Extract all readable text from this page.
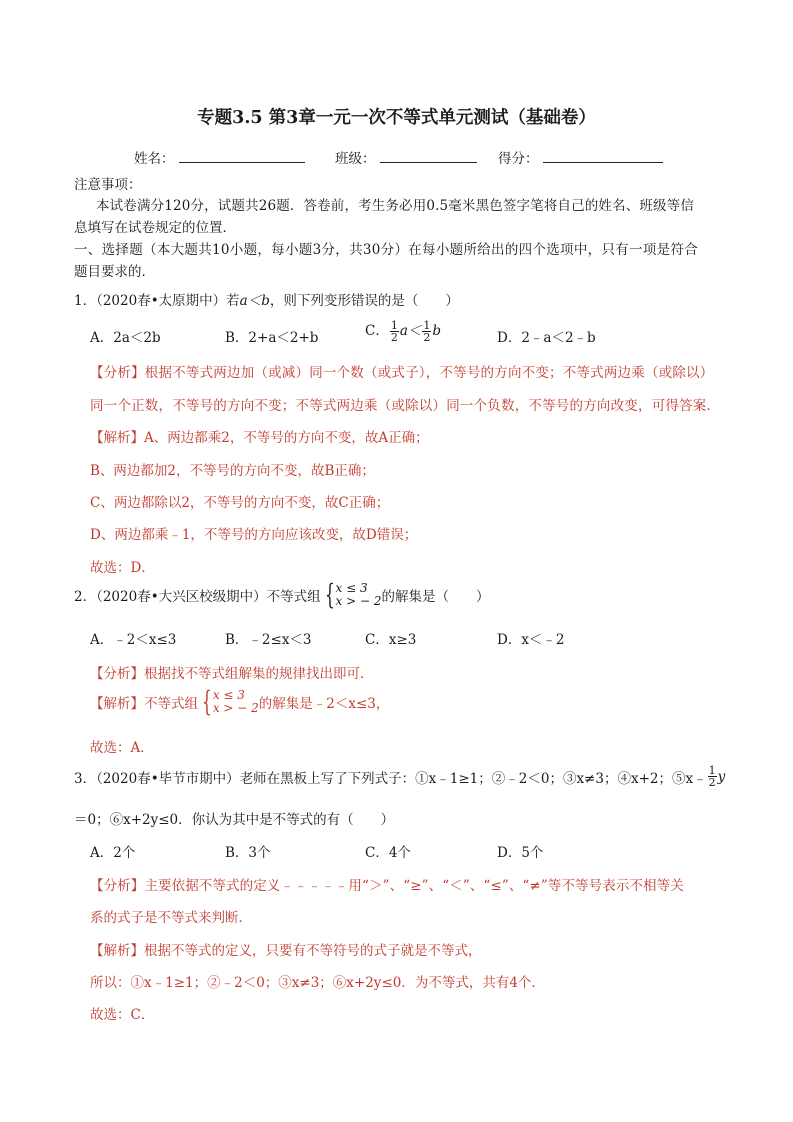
专题3.5 第3章一元一次不等式单元测试（基础卷）
姓名：	班级：	得分：
注意事项：
本试卷满分120分，试题共26题．答卷前，考生务必用0.5毫米黑色签字笔将自己的姓名、班级等信
息填写在试卷规定的位置．
一、选择题（本大题共10小题，每小题3分，共30分）在每小题所给出的四个选项中，只有一项是符合
题目要求的．
1．（2020春•太原期中）若a＜b，则下列变形错误的是（　　）
A．2a＜2b	B．2+a＜2+b	C． $\frac{1}{2} a< \frac{1}{2}$ b	D．2﹣a＜2﹣b
【分析】根据不等式两边加（或减）同一个数（或式子），不等号的方向不变；不等式两边乘（或除以）
同一个正数，不等号的方向不变；不等式两边乘（或除以）同一个负数，不等号的方向改变，可得答案．
【解析】A、两边都乘2，不等号的方向不变，故A正确；
B、两边都加2，不等号的方向不变，故B正确；
C、两边都除以2，不等号的方向不变，故C正确；
D、两边都乘﹣1，不等号的方向应该改变，故D错误；
故选：D．
2．（2020春•大兴区校级期中）不等式组 { x ≤ 3
x > − 2 的解集是（　　）
A．﹣2＜x≤3	B．﹣2≤x＜3	C．x≥3	D．x＜﹣2
【分析】根据找不等式组解集的规律找出即可．
【解析】不等式组 { x ≤ 3
x > − 2 的解集是﹣2＜x≤3，
故选：A．
3．（2020春•毕节市期中）老师在黑板上写了下列式子：①x﹣1≥1；②﹣2＜0；③x≠3；④x+2；⑤x﹣ $\frac{1}{2}$ y
＝0；⑥x+2y≤0．你认为其中是不等式的有（　　）
A．2个	B．3个	C．4个	D．5个
【分析】主要依据不等式的定义﹣﹣﹣﹣﹣用“＞”、“≥”、“＜”、“≤”、“≠”等不等号表示不相等关
系的式子是不等式来判断．
【解析】根据不等式的定义，只要有不等符号的式子就是不等式，
所以：①x﹣1≥1；②﹣2＜0；③x≠3；⑥x+2y≤0．为不等式，共有4个．
故选：C．
